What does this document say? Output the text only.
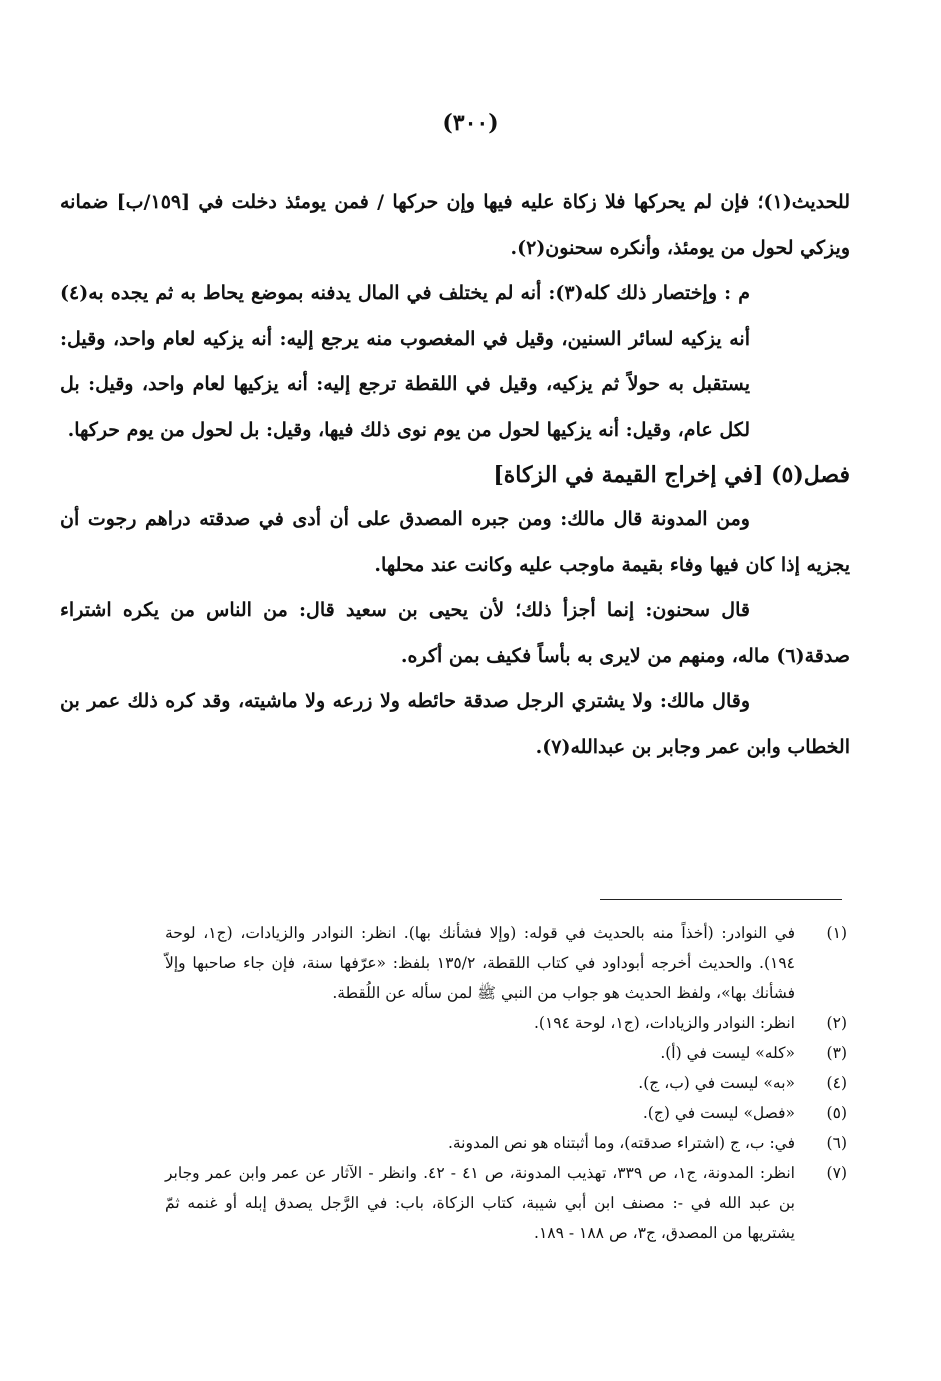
(٣٠٠)

للحديث(١)؛ فإن لم يحركها فلا زكاة عليه فيها وإن حركها / فمن يومئذ دخلت في [١٥٩/ب] ضمانه ويزكي لحول من يومئذ، وأنكره سحنون(٢).

م : وإختصار ذلك كله(٣): أنه لم يختلف في المال يدفنه بموضع يحاط به ثم يجده به(٤) أنه يزكيه لسائر السنين، وقيل في المغصوب منه يرجع إليه: أنه يزكيه لعام واحد، وقيل: يستقبل به حولاً ثم يزكيه، وقيل في اللقطة ترجع إليه: أنه يزكيها لعام واحد، وقيل: بل لكل عام، وقيل: أنه يزكيها لحول من يوم نوى ذلك فيها، وقيل: بل لحول من يوم حركها.

فصل(٥) [في إخراج القيمة في الزكاة]

ومن المدونة قال مالك: ومن جبره المصدق على أن أدى في صدقته دراهم رجوت أن يجزيه إذا كان فيها وفاء بقيمة ماوجب عليه وكانت عند محلها.

قال سحنون: إنما أجزأ ذلك؛ لأن يحيى بن سعيد قال: من الناس من يكره اشتراء صدقة(٦) ماله، ومنهم من لايرى به بأساً فكيف بمن أكره.

وقال مالك: ولا يشتري الرجل صدقة حائطه ولا زرعه ولا ماشيته، وقد كره ذلك عمر بن الخطاب وابن عمر وجابر بن عبدالله(٧).

(١)
في النوادر: (أخذاً منه بالحديث في قوله: (وإلا فشأنك بها). انظر: النوادر والزيادات، (ج١، لوحة ١٩٤). والحديث أخرجه أبوداود في كتاب اللقطة، ١٣٥/٢ بلفظ: «عرّفها سنة، فإن جاء صاحبها وإلاّ فشأنك بها»، ولفظ الحديث هو جواب من النبي ﷺ لمن سأله عن اللُقطة.
(٢)
انظر: النوادر والزيادات، (ج١، لوحة ١٩٤).
(٣)
«كله» ليست في (أ).
(٤)
«به» ليست في (ب، ج).
(٥)
«فصل» ليست في (ج).
(٦)
في: ب، ج (اشتراء صدقته)، وما أثبتناه هو نص المدونة.
(٧)
انظر: المدونة، ج١، ص ٣٣٩، تهذيب المدونة، ص ٤١ - ٤٢. وانظر - الآثار عن عمر وابن عمر وجابر بن عبد الله في -: مصنف ابن أبي شيبة، كتاب الزكاة، باب: في الرَّجل يصدق إبله أو غنمه ثمّ يشتريها من المصدق، ج٣، ص ١٨٨ - ١٨٩.
